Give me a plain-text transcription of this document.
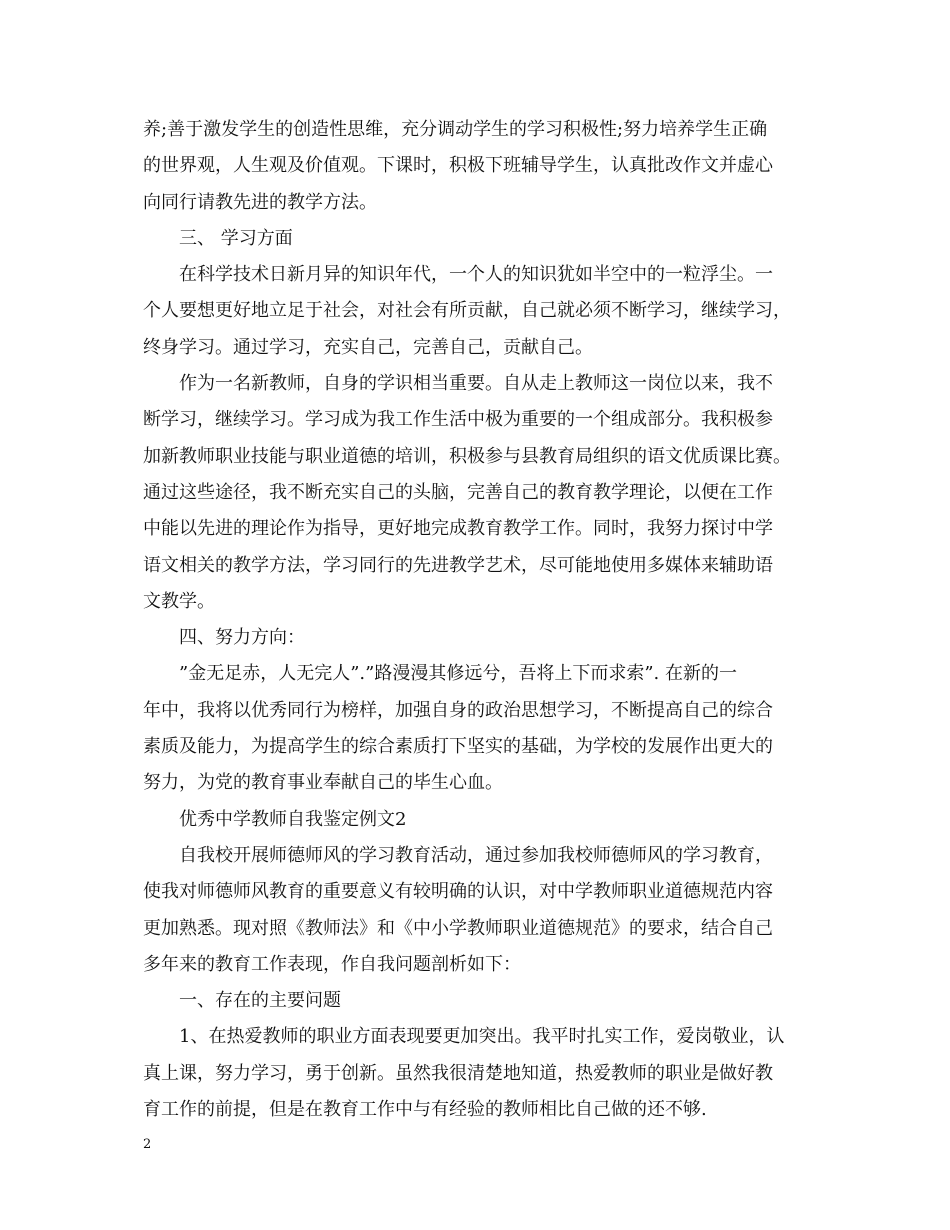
养;善于激发学生的创造性思维，充分调动学生的学习积极性;努力培养学生正确
的世界观，人生观及价值观。下课时，积极下班辅导学生，认真批改作文并虚心
向同行请教先进的教学方法。
三、 学习方面
在科学技术日新月异的知识年代，一个人的知识犹如半空中的一粒浮尘。一
个人要想更好地立足于社会，对社会有所贡献，自己就必须不断学习，继续学习，
终身学习。通过学习，充实自己，完善自己，贡献自己。
作为一名新教师，自身的学识相当重要。自从走上教师这一岗位以来，我不
断学习，继续学习。学习成为我工作生活中极为重要的一个组成部分。我积极参
加新教师职业技能与职业道德的培训，积极参与县教育局组织的语文优质课比赛。
通过这些途径，我不断充实自己的头脑，完善自己的教育教学理论，以便在工作
中能以先进的理论作为指导，更好地完成教育教学工作。同时，我努力探讨中学
语文相关的教学方法，学习同行的先进教学艺术，尽可能地使用多媒体来辅助语
文教学。
四、努力方向：
”金无足赤，人无完人”.”路漫漫其修远兮，吾将上下而求索”. 在新的一
年中，我将以优秀同行为榜样，加强自身的政治思想学习，不断提高自己的综合
素质及能力，为提高学生的综合素质打下坚实的基础，为学校的发展作出更大的
努力，为党的教育事业奉献自己的毕生心血。
优秀中学教师自我鉴定例文2
自我校开展师德师风的学习教育活动，通过参加我校师德师风的学习教育，
使我对师德师风教育的重要意义有较明确的认识，对中学教师职业道德规范内容
更加熟悉。现对照《教师法》和《中小学教师职业道德规范》的要求，结合自己
多年来的教育工作表现，作自我问题剖析如下：
一、存在的主要问题
1、在热爱教师的职业方面表现要更加突出。我平时扎实工作，爱岗敬业，认
真上课，努力学习，勇于创新。虽然我很清楚地知道，热爱教师的职业是做好教
育工作的前提，但是在教育工作中与有经验的教师相比自己做的还不够.
2
